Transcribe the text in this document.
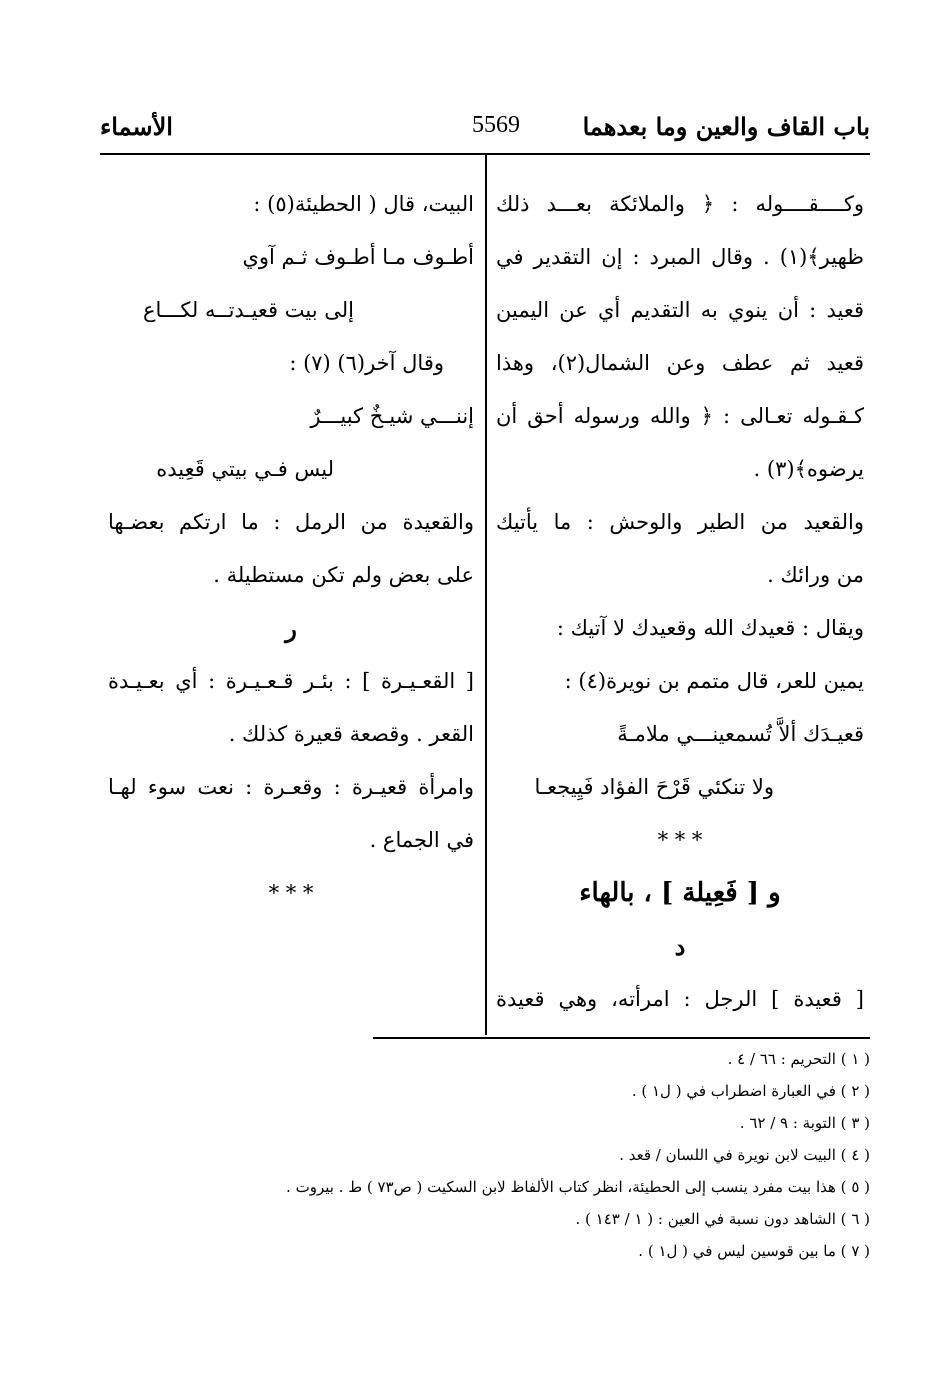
باب القاف والعين وما بعدهما
5569
الأسماء
وكــــقــــوله : ﴿ والملائكة بعـــد ذلك
ظهير﴾(١) . وقال المبرد : إن التقدير في
قعيد : أن ينوي به التقديم أي عن اليمين
قعيد ثم عطف وعن الشمال(٢)، وهذا
كـقـوله تعـالى : ﴿ والله ورسوله أحق أن
يرضوه﴾(٣) .
والقعيد من الطير والوحش : ما يأتيك
من ورائك .
ويقال : قعيدك الله وقعيدك لا آتيك :
يمين للعر، قال متمم بن نويرة(٤) :
قعيـدَك ألاَّ تُسمعينـــي ملامـةً
ولا تنكئي قَرْحَ الفؤاد فَيِيجعـا
* * *
و [ فَعِيلة ] ، بالهاء
د
[ قعيدة ] الرجل : امرأته، وهي قعيدة
البيت، قال ( الحطيئة(٥) :
أطـوف مـا أطـوف ثـم آوي
إلى بيت قعيـدتــه لكـــاع
وقال آخر(٦) (٧) :
إننـــي شيـخٌ كبيـــرٌ
ليس فـي بيتي قَعِيده
والقعيدة من الرمل : ما ارتكم بعضـها
على بعض ولم تكن مستطيلة .
ر
[ القعـيـرة ] : بئـر قـعـيـرة : أي بعـيـدة
القعر . وقصعة قعيرة كذلك .
وامرأة قعيـرة : وقعـرة : نعت سوء لهـا
في الجماع .
* * *
( ١ ) التحريم : ٦٦ / ٤ .
( ٢ ) في العبارة اضطراب في ( ل١ ) .
( ٣ ) التوبة : ٩ / ٦٢ .
( ٤ ) البيت لابن نويرة في اللسان / قعد .
( ٥ ) هذا بيت مفرد ينسب إلى الحطيئة، انظر كتاب الألفاظ لابن السكيت ( ص٧٣ ) ط . بيروت .
( ٦ ) الشاهد دون نسبة في العين : ( ١ / ١٤٣ ) .
( ٧ ) ما بين قوسين ليس في ( ل١ ) .
